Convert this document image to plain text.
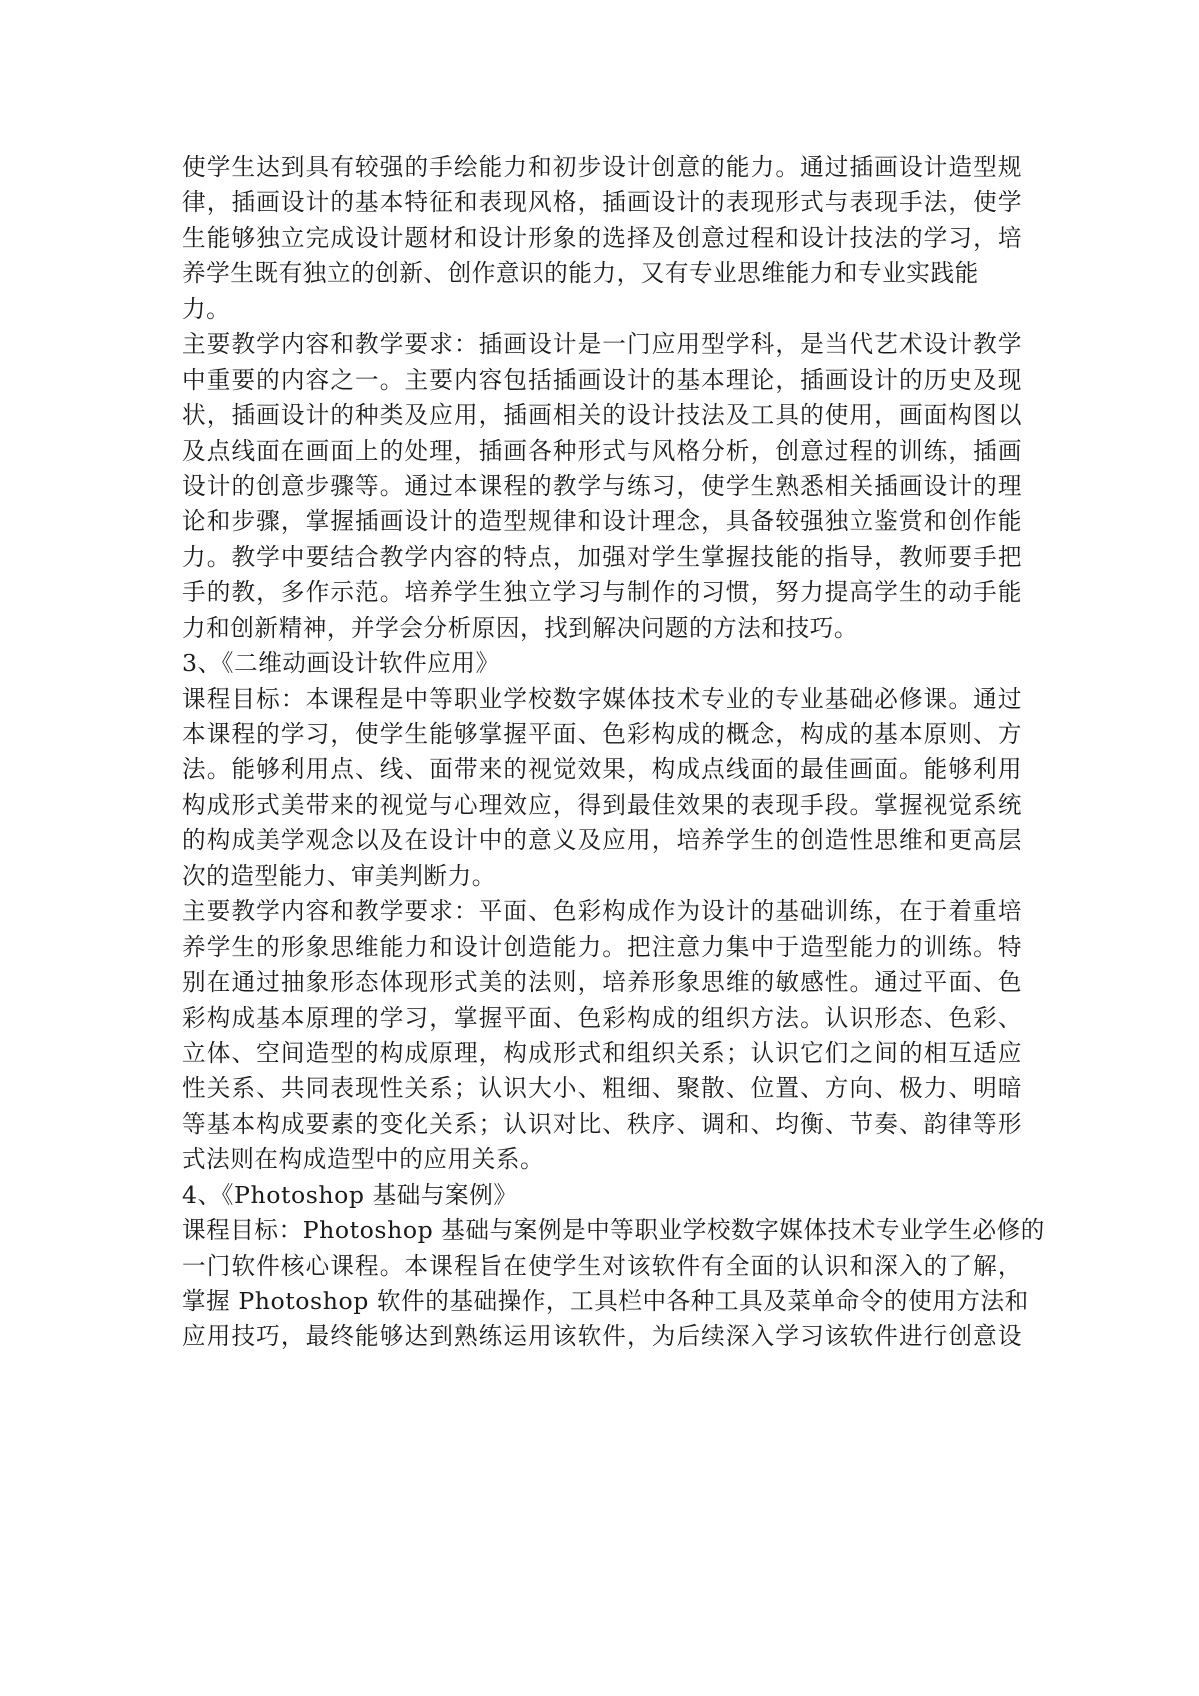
使学生达到具有较强的手绘能力和初步设计创意的能力。通过插画设计造型规
律，插画设计的基本特征和表现风格，插画设计的表现形式与表现手法，使学
生能够独立完成设计题材和设计形象的选择及创意过程和设计技法的学习，培
养学生既有独立的创新、创作意识的能力，又有专业思维能力和专业实践能
力。
主要教学内容和教学要求：插画设计是一门应用型学科，是当代艺术设计教学
中重要的内容之一。主要内容包括插画设计的基本理论，插画设计的历史及现
状，插画设计的种类及应用，插画相关的设计技法及工具的使用，画面构图以
及点线面在画面上的处理，插画各种形式与风格分析，创意过程的训练，插画
设计的创意步骤等。通过本课程的教学与练习，使学生熟悉相关插画设计的理
论和步骤，掌握插画设计的造型规律和设计理念，具备较强独立鉴赏和创作能
力。教学中要结合教学内容的特点，加强对学生掌握技能的指导，教师要手把
手的教，多作示范。培养学生独立学习与制作的习惯，努力提高学生的动手能
力和创新精神，并学会分析原因，找到解决问题的方法和技巧。
3、《二维动画设计软件应用》
课程目标：本课程是中等职业学校数字媒体技术专业的专业基础必修课。通过
本课程的学习，使学生能够掌握平面、色彩构成的概念，构成的基本原则、方
法。能够利用点、线、面带来的视觉效果，构成点线面的最佳画面。能够利用
构成形式美带来的视觉与心理效应，得到最佳效果的表现手段。掌握视觉系统
的构成美学观念以及在设计中的意义及应用，培养学生的创造性思维和更高层
次的造型能力、审美判断力。
主要教学内容和教学要求：平面、色彩构成作为设计的基础训练，在于着重培
养学生的形象思维能力和设计创造能力。把注意力集中于造型能力的训练。特
别在通过抽象形态体现形式美的法则，培养形象思维的敏感性。通过平面、色
彩构成基本原理的学习，掌握平面、色彩构成的组织方法。认识形态、色彩、
立体、空间造型的构成原理，构成形式和组织关系；认识它们之间的相互适应
性关系、共同表现性关系；认识大小、粗细、聚散、位置、方向、极力、明暗
等基本构成要素的变化关系；认识对比、秩序、调和、均衡、节奏、韵律等形
式法则在构成造型中的应用关系。
4、《Photoshop 基础与案例》
课程目标：Photoshop 基础与案例是中等职业学校数字媒体技术专业学生必修的
一门软件核心课程。本课程旨在使学生对该软件有全面的认识和深入的了解，
掌握 Photoshop 软件的基础操作，工具栏中各种工具及菜单命令的使用方法和
应用技巧，最终能够达到熟练运用该软件，为后续深入学习该软件进行创意设
